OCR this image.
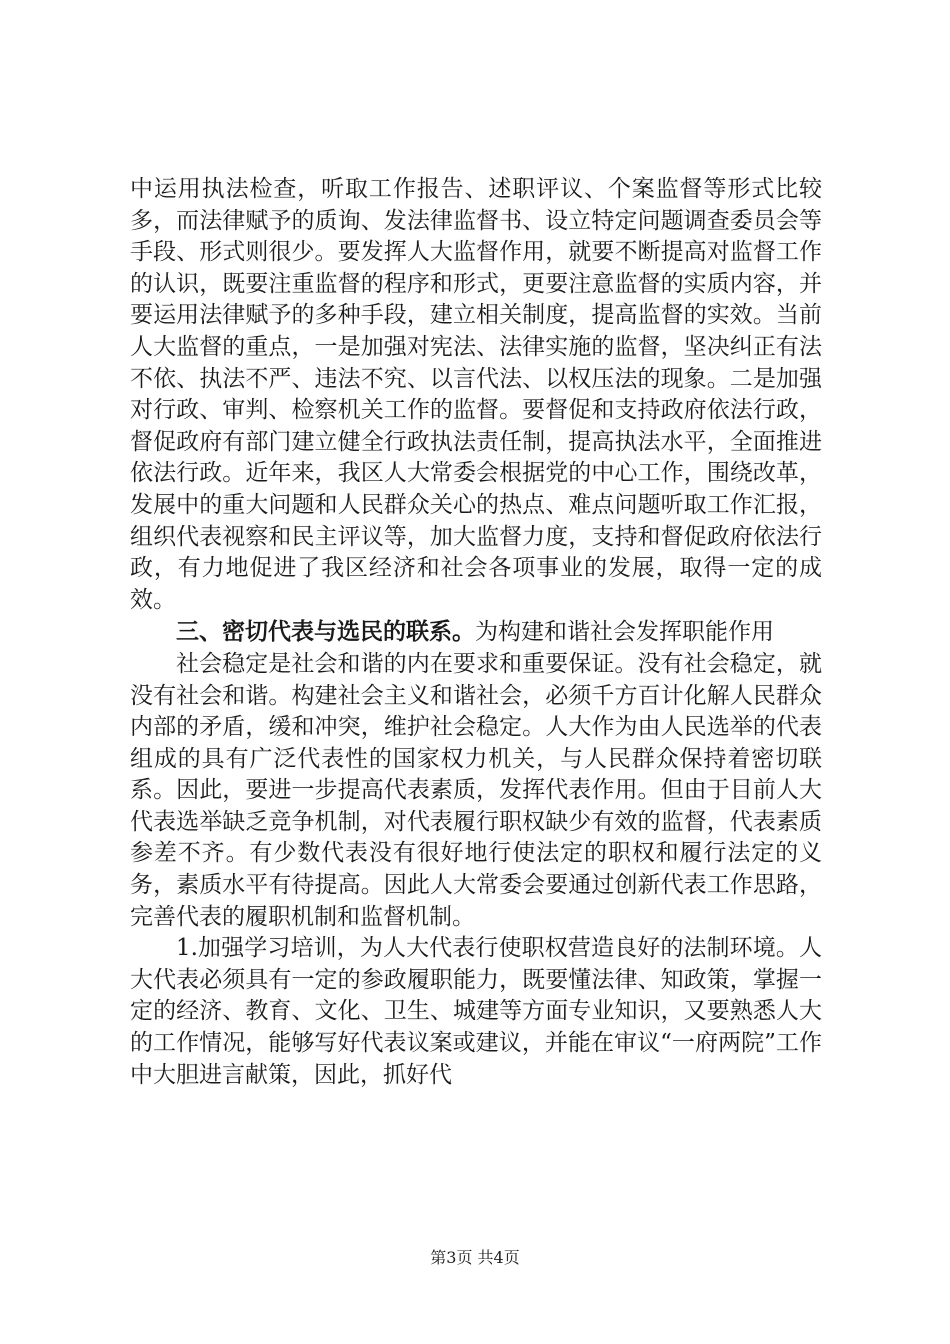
中运用执法检查，听取工作报告、述职评议、个案监督等形式比较多，而法律赋予的质询、发法律监督书、设立特定问题调查委员会等手段、形式则很少。要发挥人大监督作用，就要不断提高对监督工作的认识，既要注重监督的程序和形式，更要注意监督的实质内容，并要运用法律赋予的多种手段，建立相关制度，提高监督的实效。当前人大监督的重点，一是加强对宪法、法律实施的监督，坚决纠正有法不依、执法不严、违法不究、以言代法、以权压法的现象。二是加强对行政、审判、检察机关工作的监督。要督促和支持政府依法行政，督促政府有部门建立健全行政执法责任制，提高执法水平，全面推进依法行政。近年来，我区人大常委会根据党的中心工作，围绕改革，发展中的重大问题和人民群众关心的热点、难点问题听取工作汇报，组织代表视察和民主评议等，加大监督力度，支持和督促政府依法行政，有力地促进了我区经济和社会各项事业的发展，取得一定的成效。

三、密切代表与选民的联系。为构建和谐社会发挥职能作用

社会稳定是社会和谐的内在要求和重要保证。没有社会稳定，就没有社会和谐。构建社会主义和谐社会，必须千方百计化解人民群众内部的矛盾，缓和冲突，维护社会稳定。人大作为由人民选举的代表组成的具有广泛代表性的国家权力机关，与人民群众保持着密切联系。因此，要进一步提高代表素质，发挥代表作用。但由于目前人大代表选举缺乏竞争机制，对代表履行职权缺少有效的监督，代表素质参差不齐。有少数代表没有很好地行使法定的职权和履行法定的义务，素质水平有待提高。因此人大常委会要通过创新代表工作思路，完善代表的履职机制和监督机制。

1.加强学习培训，为人大代表行使职权营造良好的法制环境。人大代表必须具有一定的参政履职能力，既要懂法律、知政策，掌握一定的经济、教育、文化、卫生、城建等方面专业知识，又要熟悉人大的工作情况，能够写好代表议案或建议，并能在审议“一府两院”工作中大胆进言献策，因此，抓好代

第3页 共4页
